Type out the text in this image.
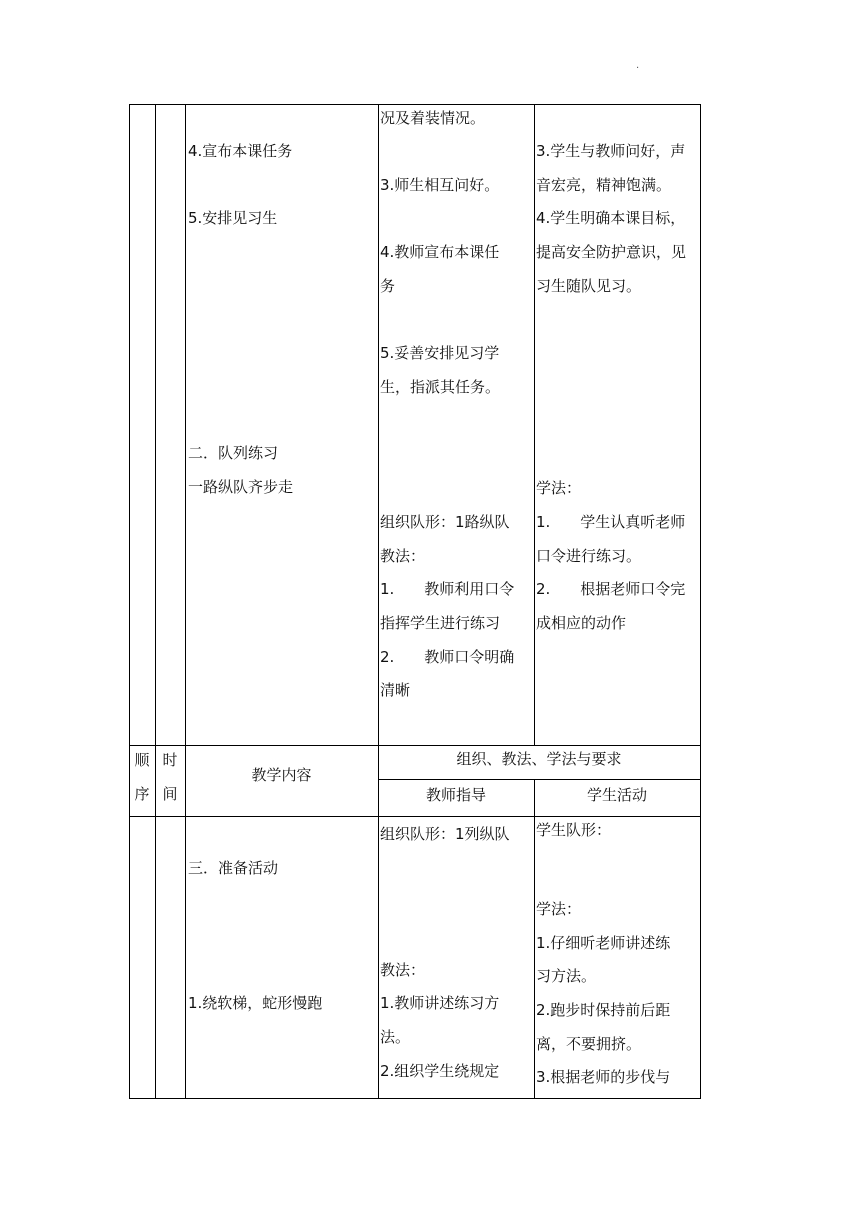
.
4.宣布本课任务
5.安排见习生
二．队列练习
一路纵队齐步走
况及着装情况。
3.师生相互问好。
4.教师宣布本课任
务
5.妥善安排见习学
生，指派其任务。
组织队形：1路纵队
教法：
1.　　教师利用口令
指挥学生进行练习
2.　　教师口令明确
清晰
3.学生与教师问好，声
音宏亮，精神饱满。
4.学生明确本课目标，
提高安全防护意识，见
习生随队见习。
学法：
1.　　学生认真听老师
口令进行练习。
2.　　根据老师口令完
成相应的动作
顺
序
时
间
教学内容
组织、教法、学法与要求
教师指导	学生活动
三．准备活动
1.绕软梯，蛇形慢跑
组织队形：1列纵队
教法：
1.教师讲述练习方
法。
2.组织学生绕规定
学生队形：
学法：
1.仔细听老师讲述练
习方法。
2.跑步时保持前后距
离，不要拥挤。
3.根据老师的步伐与
